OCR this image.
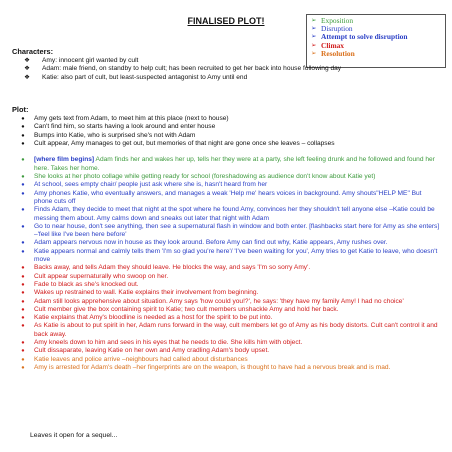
FINALISED PLOT!	➢ Exposition
➢ Disruption
➢ Attempt to solve disruption
➢ Climax
➢ Resolution
Characters:
❖	Amy: innocent girl wanted by cult
❖	Adam: male friend, on standby to help cult; has been recruited to get her back into house following day
❖	Katie: also part of cult, but least-suspected antagonist to Amy until end
Plot:
●	Amy gets text from Adam, to meet him at this place (next to house)
●	Can't find him, so starts having a look around and enter house
●	Bumps into Katie, who is surprised she's not with Adam
●	Cult appear, Amy manages to get out, but memories of that night are gone once she leaves – collapses

●	[where film begins] Adam finds her and wakes her up, tells her they were at a party, she left feeling drunk and he followed and found her here. Takes her home.
●	She looks at her photo collage while getting ready for school (foreshadowing as audience don't know about Katie yet)
●	At school, sees empty chair/ people just ask where she is, hasn't heard from her
●	Amy phones Katie, who eventually answers, and manages a weak 'Help me' hears voices in background. Amy shouts"HELP ME" But phone cuts off
●	Finds Adam, they decide to meet that night at the spot where he found Amy, convinces her they shouldn't tell anyone else –Katie could be messing them about. Amy calms down and sneaks out later that night with Adam
●	Go to near house, don't see anything, then see a supernatural flash in window and both enter. [flashbacks start here for Amy as she enters] –'feel like I've been here before'
●	Adam appears nervous now in house as they look around. Before Amy can find out why, Katie appears, Amy rushes over.
●	Katie appears normal and calmly tells them 'I'm so glad you're here'/ 'I've been waiting for you', Amy tries to get Katie to leave, who doesn't move
●	Backs away, and tells Adam they should leave. He blocks the way, and says 'I'm so sorry Amy'.
●	Cult appear supernaturally who swoop on her.
●	Fade to black as she's knocked out.
●	Wakes up restrained to wall. Katie explains their involvement from beginning.
●	Adam still looks apprehensive about situation. Amy says 'how could you!?', he says: 'they have my family Amy! I had no choice'
●	Cult member give the box containing spirit to Katie; two cult members unshackle Amy and hold her back.
●	Katie explains that Amy's bloodline is needed as a host for the spirit to be put into.
●	As Katie is about to put spirit in her, Adam runs forward in the way, cult members let go of Amy as his body distorts. Cult can't control it and back away.
●	Amy kneels down to him and sees in his eyes that he needs to die. She kills him with object.
●	Cult dissaparate, leaving Katie on her own and Amy cradling Adam's body upset.
●	Katie leaves and police arrive –neighbours had called about disturbances
●	Amy is arrested for Adam's death –her fingerprints are on the weapon, is thought to have had a nervous break and is mad.
Leaves it open for a sequel...
